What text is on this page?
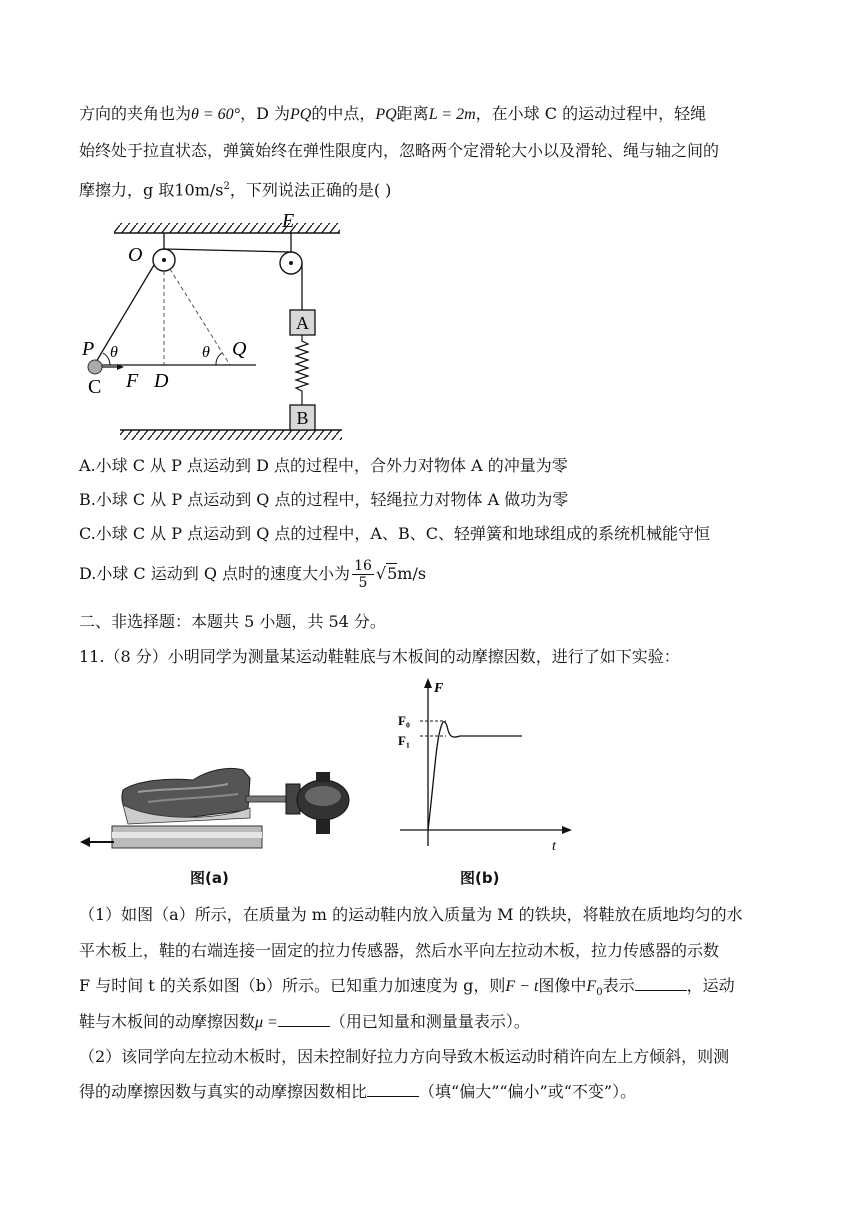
方向的夹角也为θ = 60°，D 为PQ的中点，PQ距离L = 2m，在小球 C 的运动过程中，轻绳
始终处于拉直状态，弹簧始终在弹性限度内，忽略两个定滑轮大小以及滑轮、绳与轴之间的
摩擦力，g 取$10m/s^2$，下列说法正确的是( )
A
B
O
E
P θ	θ Q
C F D
A.小球 C 从 P 点运动到 D 点的过程中，合外力对物体 A 的冲量为零
B.小球 C 从 P 点运动到 Q 点的过程中，轻绳拉力对物体 A 做功为零
C.小球 C 从 P 点运动到 Q 点的过程中，A、B、C、轻弹簧和地球组成的系统机械能守恒
D.小球 C 运动到 Q 点时的速度大小为 $\frac{16}{5} √5m/s$
二、非选择题：本题共 5 小题，共 54 分。
11.（8 分）小明同学为测量某运动鞋鞋底与木板间的动摩擦因数，进行了如下实验：
图(a)
F
F₀
F₁
t
图(b)
（1）如图（a）所示，在质量为 m 的运动鞋内放入质量为 M 的铁块，将鞋放在质地均匀的水
平木板上，鞋的右端连接一固定的拉力传感器，然后水平向左拉动木板，拉力传感器的示数
F 与时间 t 的关系如图（b）所示。已知重力加速度为 g，则F − t图像中$F_0$表示	，运动
鞋与木板间的动摩擦因数μ =	（用已知量和测量量表示）。
（2）该同学向左拉动木板时，因未控制好拉力方向导致木板运动时稍许向左上方倾斜，则测
得的动摩擦因数与真实的动摩擦因数相比	（填“偏大”“偏小”或“不变”）。
